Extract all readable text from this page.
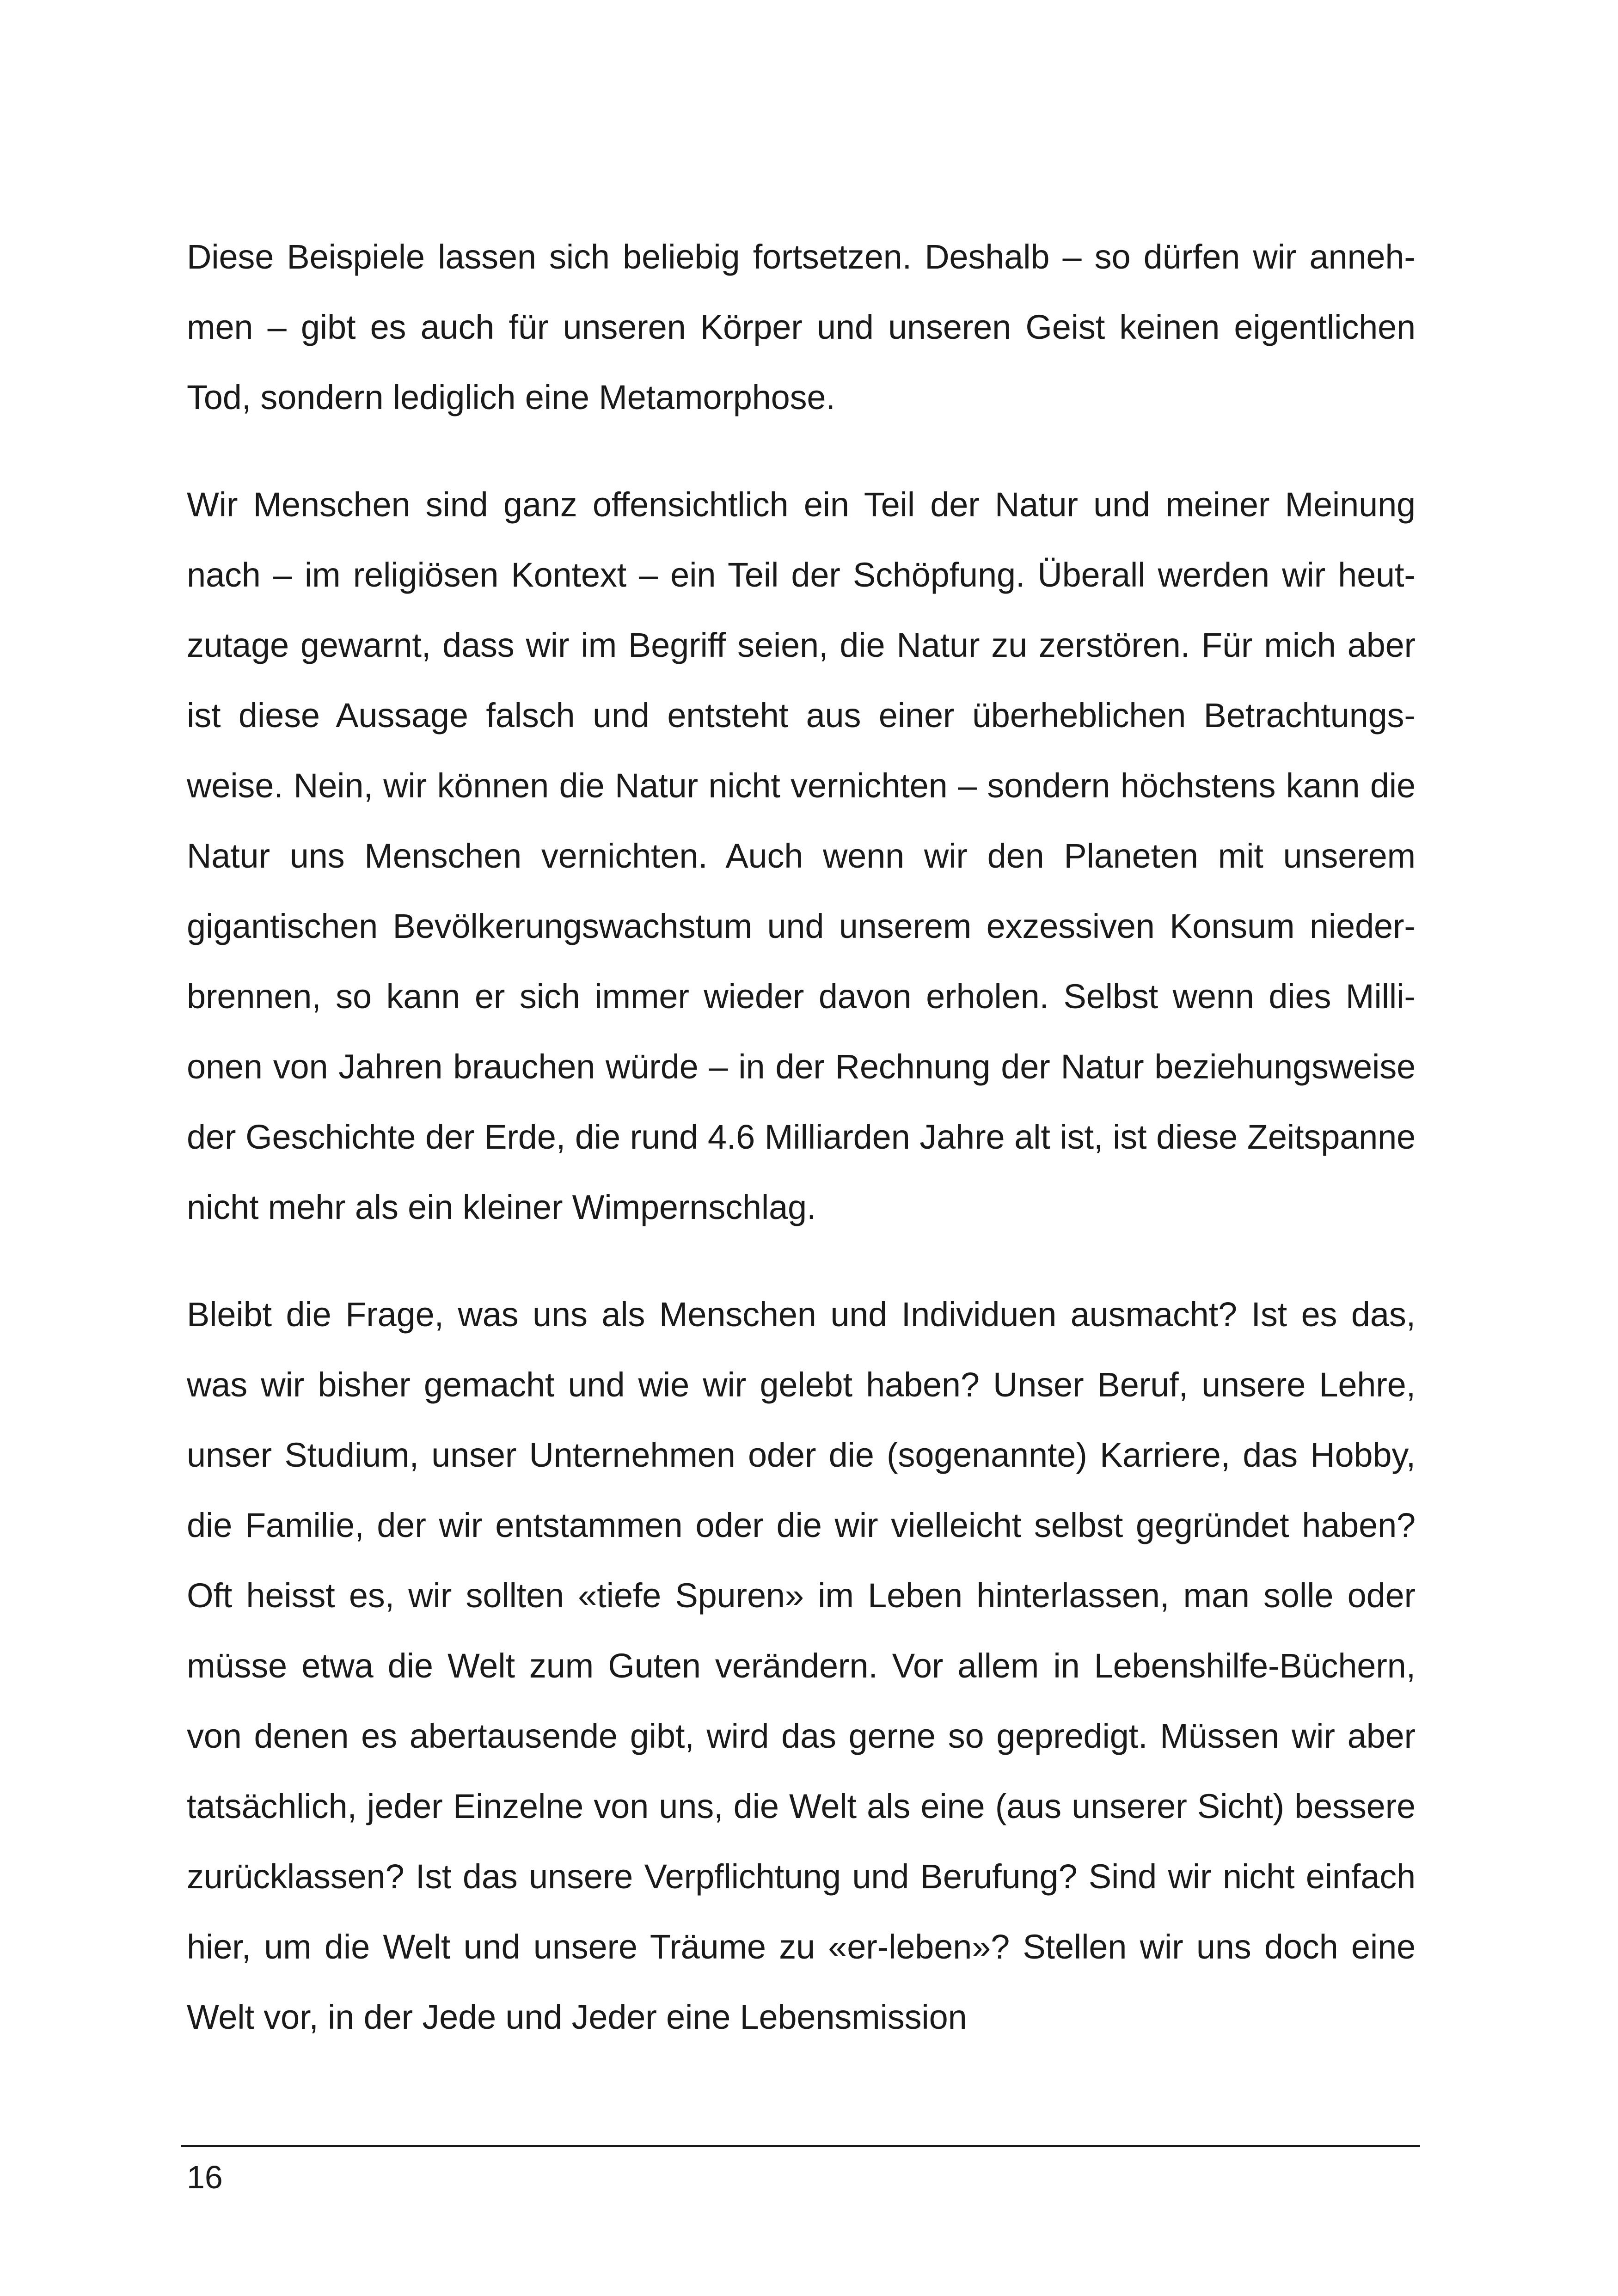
Diese Beispiele lassen sich beliebig fortsetzen. Deshalb – so dürfen wir annehmen – gibt es auch für unseren Körper und unseren Geist keinen eigentlichen Tod, sondern lediglich eine Metamorphose.

Wir Menschen sind ganz offensichtlich ein Teil der Natur und meiner Meinung nach – im religiösen Kontext – ein Teil der Schöpfung. Überall werden wir heutzutage gewarnt, dass wir im Begriff seien, die Natur zu zerstören. Für mich aber ist diese Aussage falsch und entsteht aus einer überheblichen Betrachtungsweise. Nein, wir können die Natur nicht vernichten – sondern höchstens kann die Natur uns Menschen vernichten. Auch wenn wir den Planeten mit unserem gigantischen Bevölkerungswachstum und unserem exzessiven Konsum niederbrennen, so kann er sich immer wieder davon erholen. Selbst wenn dies Millionen von Jahren brauchen würde – in der Rechnung der Natur beziehungsweise der Geschichte der Erde, die rund 4.6 Milliarden Jahre alt ist, ist diese Zeitspanne nicht mehr als ein kleiner Wimpernschlag.

Bleibt die Frage, was uns als Menschen und Individuen ausmacht? Ist es das, was wir bisher gemacht und wie wir gelebt haben? Unser Beruf, unsere Lehre, unser Studium, unser Unternehmen oder die (sogenannte) Karriere, das Hobby, die Familie, der wir entstammen oder die wir vielleicht selbst gegründet haben? Oft heisst es, wir sollten «tiefe Spuren» im Leben hinterlassen, man solle oder müsse etwa die Welt zum Guten verändern. Vor allem in Lebenshilfe-Büchern, von denen es abertausende gibt, wird das gerne so gepredigt. Müssen wir aber tatsächlich, jeder Einzelne von uns, die Welt als eine (aus unserer Sicht) bessere zurücklassen? Ist das unsere Verpflichtung und Berufung? Sind wir nicht einfach hier, um die Welt und unsere Träume zu «er-leben»? Stellen wir uns doch eine Welt vor, in der Jede und Jeder eine Lebensmission

16
